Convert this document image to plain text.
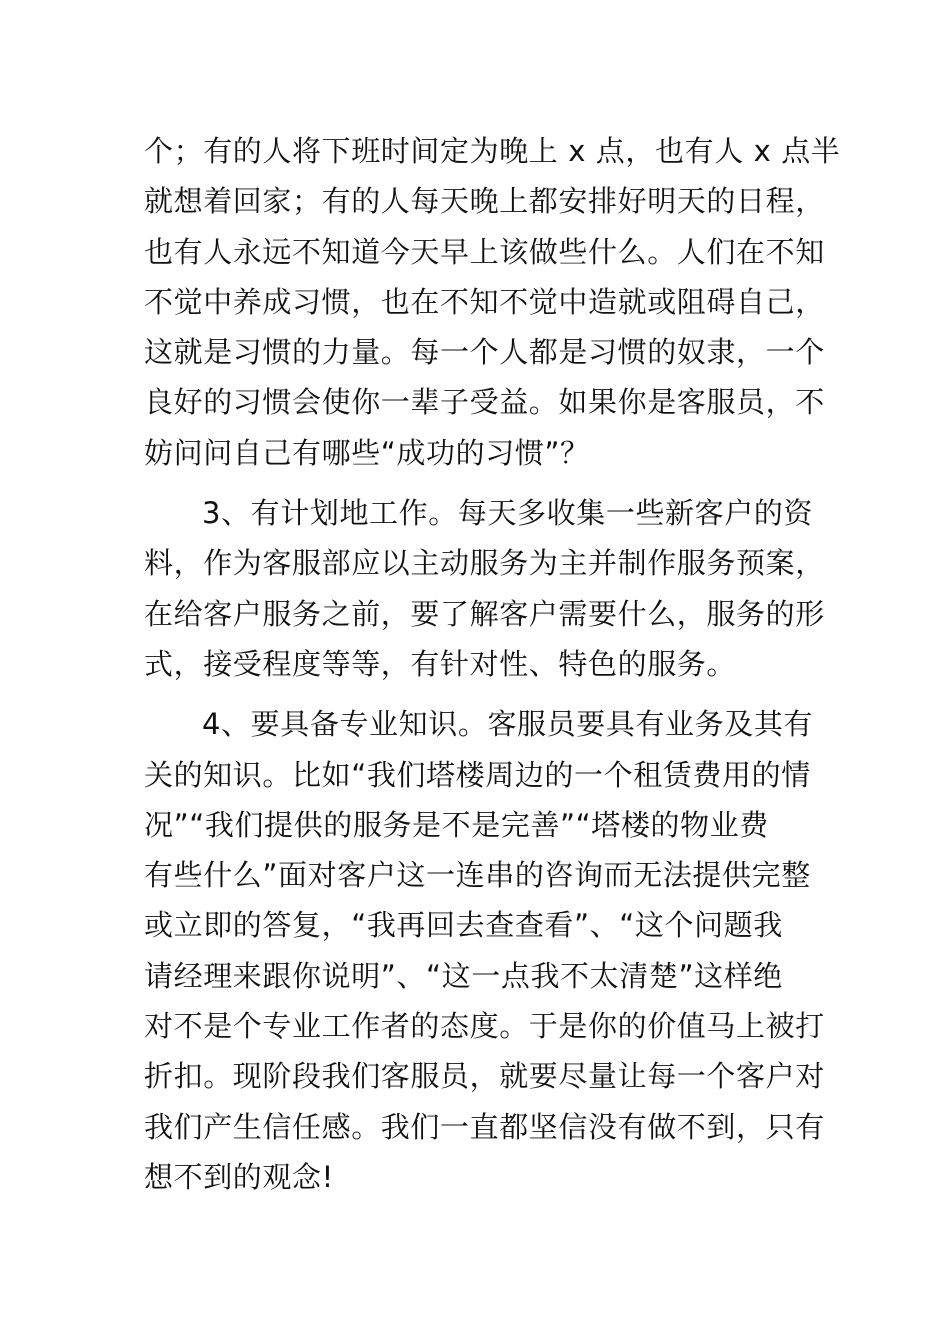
个；有的人将下班时间定为晚上 x 点，也有人 x 点半
就想着回家；有的人每天晚上都安排好明天的日程，
也有人永远不知道今天早上该做些什么。人们在不知
不觉中养成习惯，也在不知不觉中造就或阻碍自己，
这就是习惯的力量。每一个人都是习惯的奴隶，一个
良好的习惯会使你一辈子受益。如果你是客服员，不
妨问问自己有哪些“成功的习惯”？
3、有计划地工作。每天多收集一些新客户的资
料，作为客服部应以主动服务为主并制作服务预案，
在给客户服务之前，要了解客户需要什么，服务的形
式，接受程度等等，有针对性、特色的服务。
4、要具备专业知识。客服员要具有业务及其有
关的知识。比如“我们塔楼周边的一个租赁费用的情
况”“我们提供的服务是不是完善”“塔楼的物业费
有些什么”面对客户这一连串的咨询而无法提供完整
或立即的答复，“我再回去查查看”、“这个问题我
请经理来跟你说明”、“这一点我不太清楚”这样绝
对不是个专业工作者的态度。于是你的价值马上被打
折扣。现阶段我们客服员，就要尽量让每一个客户对
我们产生信任感。我们一直都坚信没有做不到，只有
想不到的观念!
